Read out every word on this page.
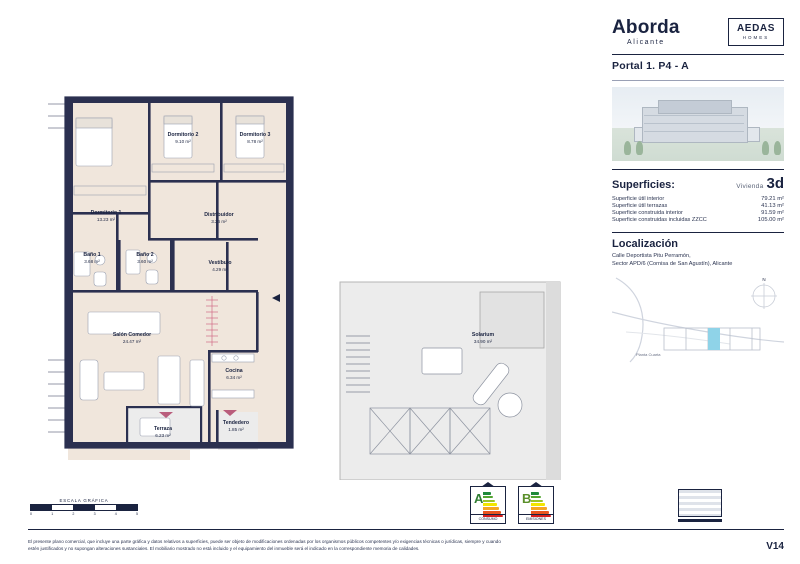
Dormitorio 1
13.23 m²
Dormitorio 2
9.10 m²
Dormitorio 3
8.78 m²
Distribuidor
3.26 m²
Baño 1
3.68 m²
Baño 2
3.60 m²	Vestíbulo
4.29 m²
Salón Comedor
24.47 m²
Cocina
6.34 m²
Terraza
6.23 m²
Tendedero
1.85 m²
Solarium
34.90 m²
Aborda
Alicante
AEDAS
HOMES
Portal 1. P4 - A
Superficies:	Vivienda 3d
Superficie útil interior	79.21 m²
Superficie útil terrazas	41.13 m²
Superficie construida interior	91.59 m²
Superficie construidas incluidas ZZCC	105.00 m²
Localización
Calle Deportista Pitu Perramón,
Sector APD/6 (Cornisa de San Agustín), Alicante
N
Planta Cuarta
ESCALA GRÁFICA
0	1	2	3	4	5
A
CONSUMO
B
EMISIONES
El presente plano comercial, que incluye una parte gráfica y datos relativos a superficies, puede ser objeto de modificaciones ordenadas por los organismos públicos competentes y/o exigencias técnicas o jurídicas, siempre y cuando
estén justificados y no supongan alteraciones sustanciales. El mobiliario mostrado no está incluido y el equipamiento del inmueble será el indicado en la correspondiente memoria de calidades.	V14
